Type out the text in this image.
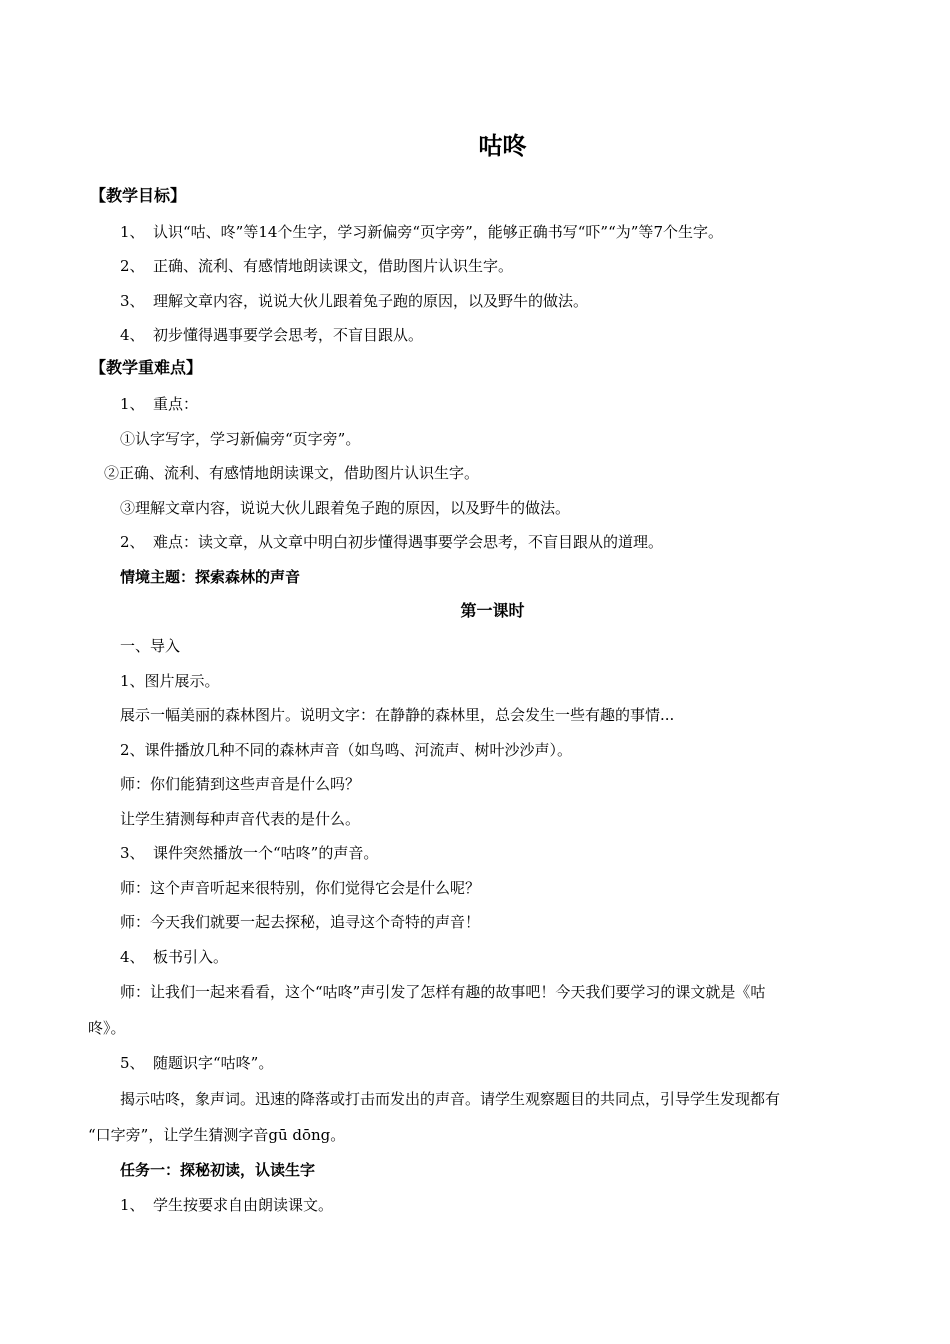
咕咚
【教学目标】
1、 认识“咕、咚”等14个生字，学习新偏旁“页字旁”，能够正确书写“吓”“为”等7个生字。
2、 正确、流利、有感情地朗读课文，借助图片认识生字。
3、 理解文章内容，说说大伙儿跟着兔子跑的原因，以及野牛的做法。
4、 初步懂得遇事要学会思考，不盲目跟从。
【教学重难点】
1、 重点：
①认字写字，学习新偏旁“页字旁”。
②正确、流利、有感情地朗读课文，借助图片认识生字。
③理解文章内容，说说大伙儿跟着兔子跑的原因，以及野牛的做法。
2、 难点：读文章，从文章中明白初步懂得遇事要学会思考，不盲目跟从的道理。
情境主题：探索森林的声音
第一课时
一、导入
1、图片展示。
展示一幅美丽的森林图片。说明文字：在静静的森林里，总会发生一些有趣的事情...
2、课件播放几种不同的森林声音（如鸟鸣、河流声、树叶沙沙声）。
师：你们能猜到这些声音是什么吗？
让学生猜测每种声音代表的是什么。
3、 课件突然播放一个“咕咚”的声音。
师：这个声音听起来很特别，你们觉得它会是什么呢？
师：今天我们就要一起去探秘，追寻这个奇特的声音！
4、 板书引入。
师：让我们一起来看看，这个“咕咚”声引发了怎样有趣的故事吧！今天我们要学习的课文就是《咕
咚》。
5、 随题识字“咕咚”。
揭示咕咚，象声词。迅速的降落或打击而发出的声音。请学生观察题目的共同点，引导学生发现都有
“口字旁”，让学生猜测字音gū dōng。
任务一：探秘初读，认读生字
1、 学生按要求自由朗读课文。
